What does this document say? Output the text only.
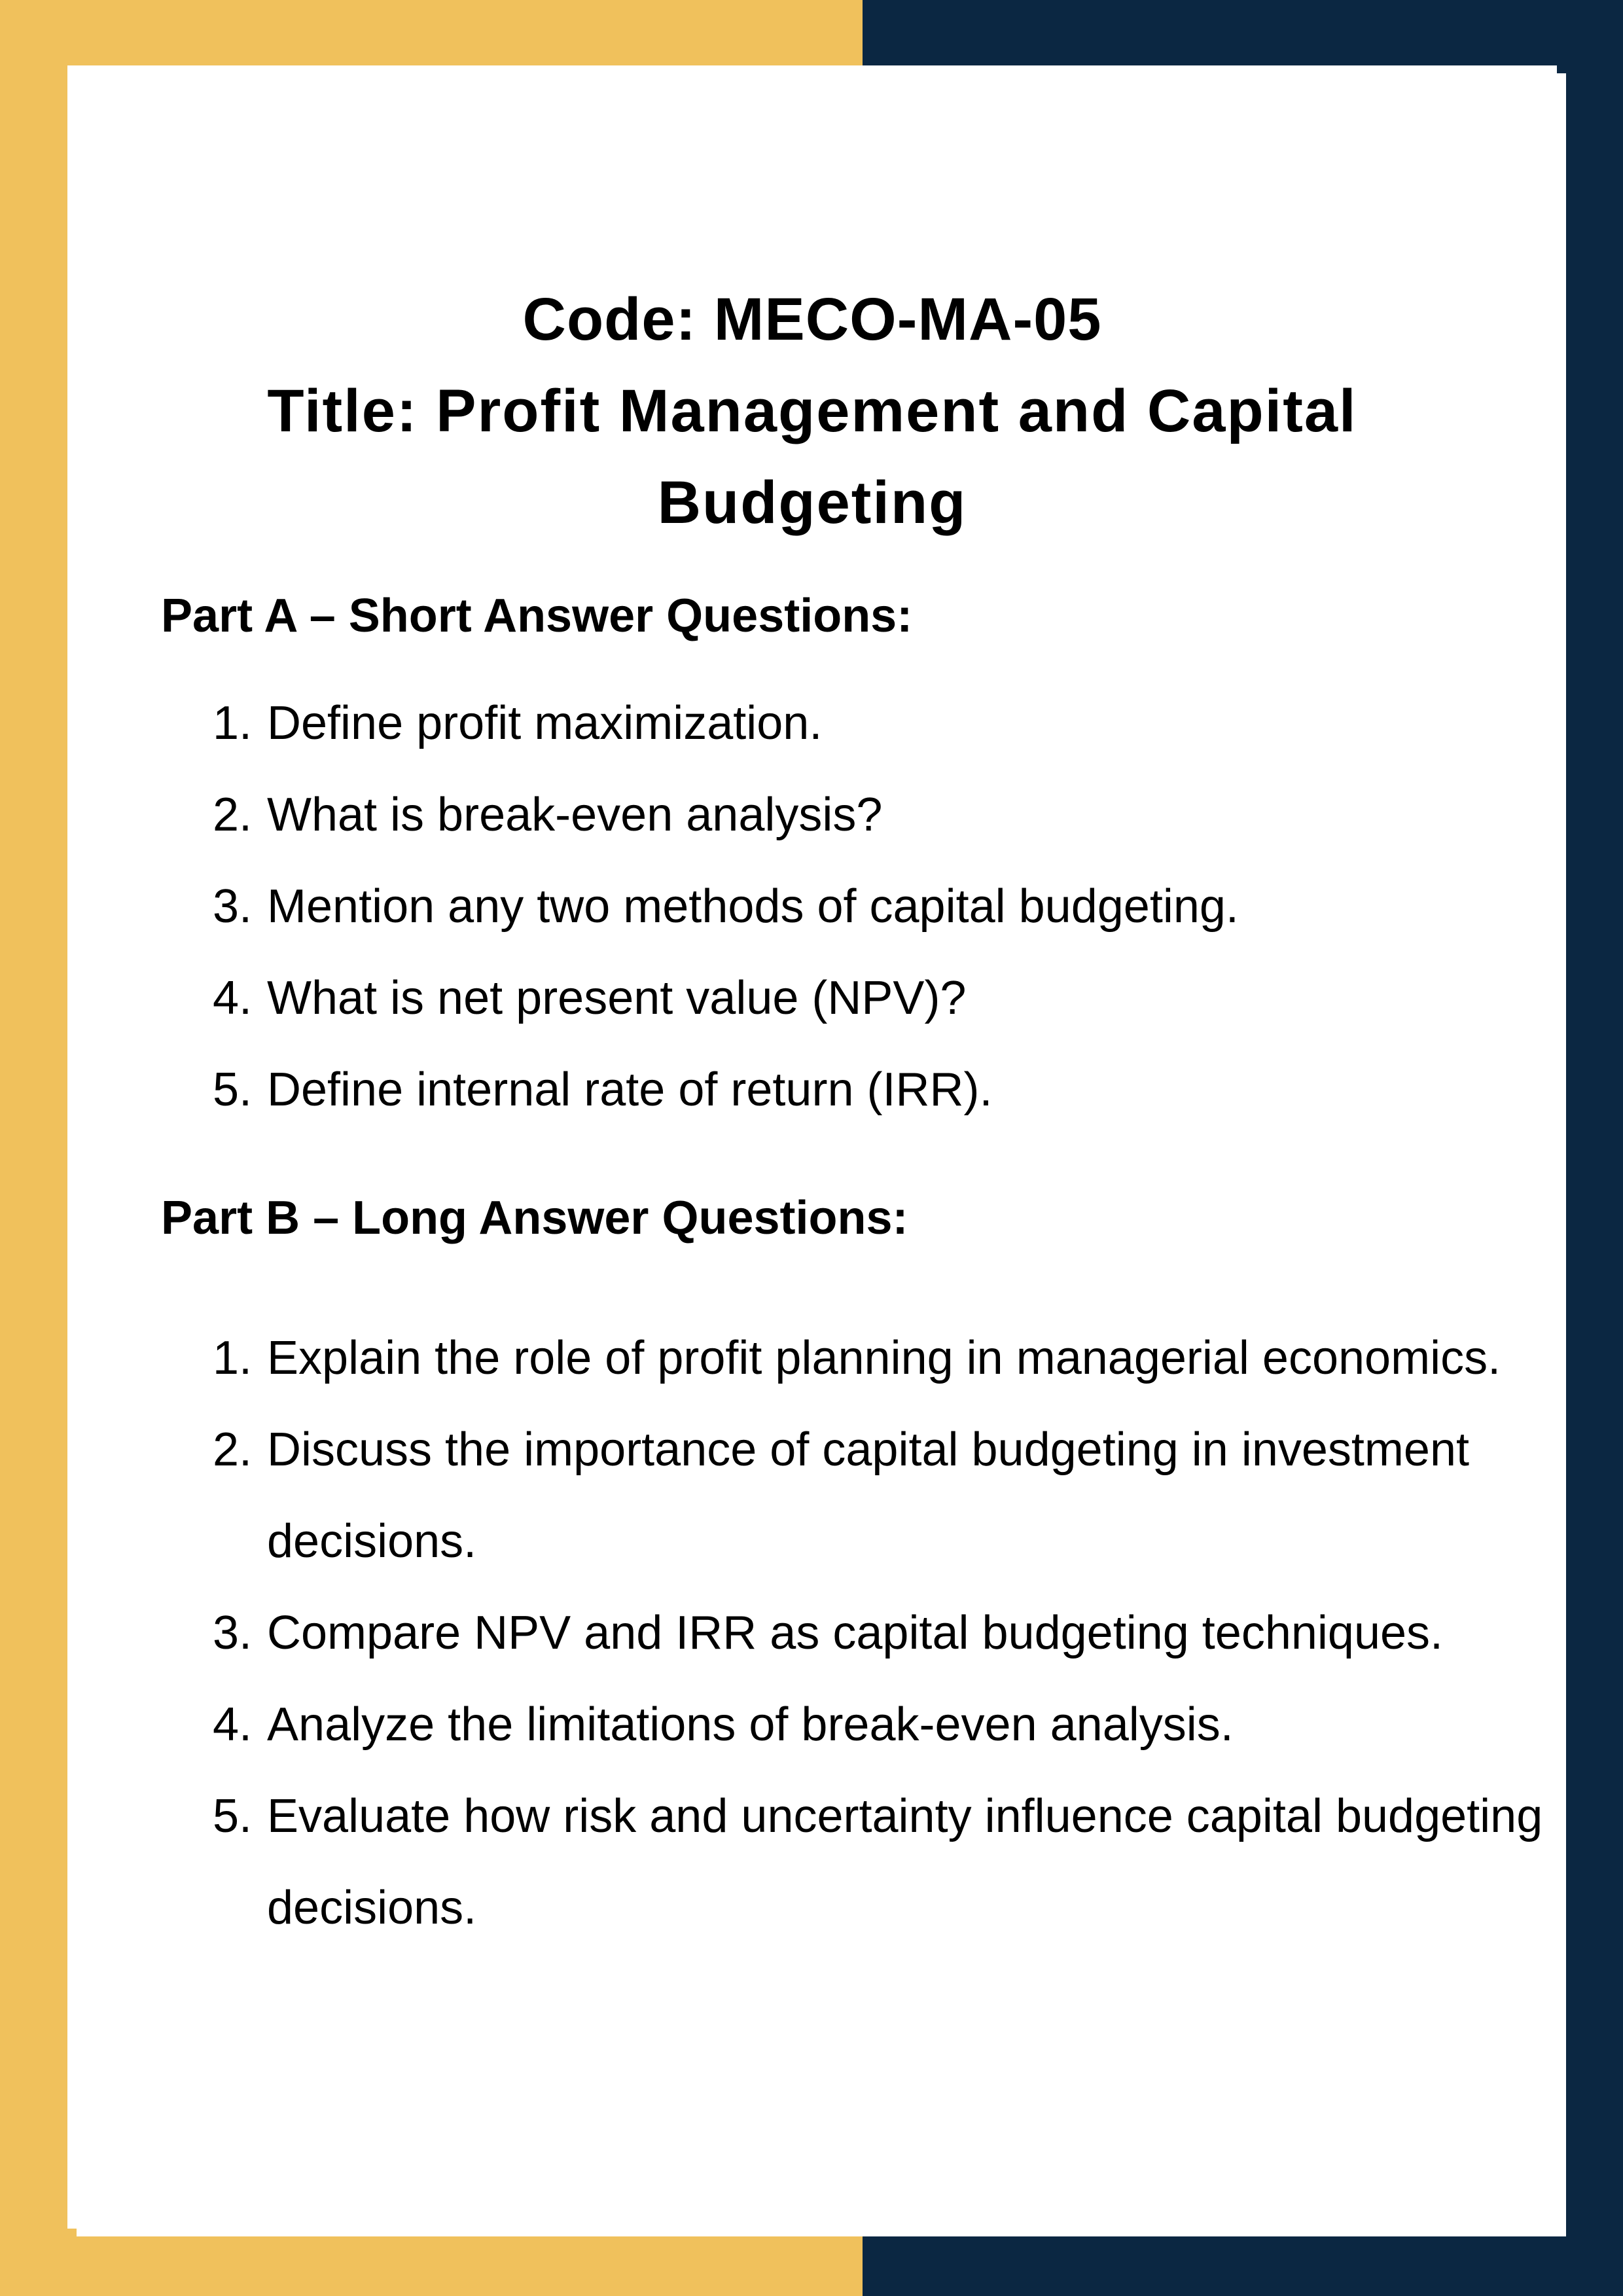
Code: MECO-MA-05
Title: Profit Management and Capital Budgeting
Part A – Short Answer Questions:
1. Define profit maximization.
2. What is break-even analysis?
3. Mention any two methods of capital budgeting.
4. What is net present value (NPV)?
5. Define internal rate of return (IRR).
Part B – Long Answer Questions:
1. Explain the role of profit planning in managerial economics.
2. Discuss the importance of capital budgeting in investment decisions.
3. Compare NPV and IRR as capital budgeting techniques.
4. Analyze the limitations of break-even analysis.
5. Evaluate how risk and uncertainty influence capital budgeting decisions.
